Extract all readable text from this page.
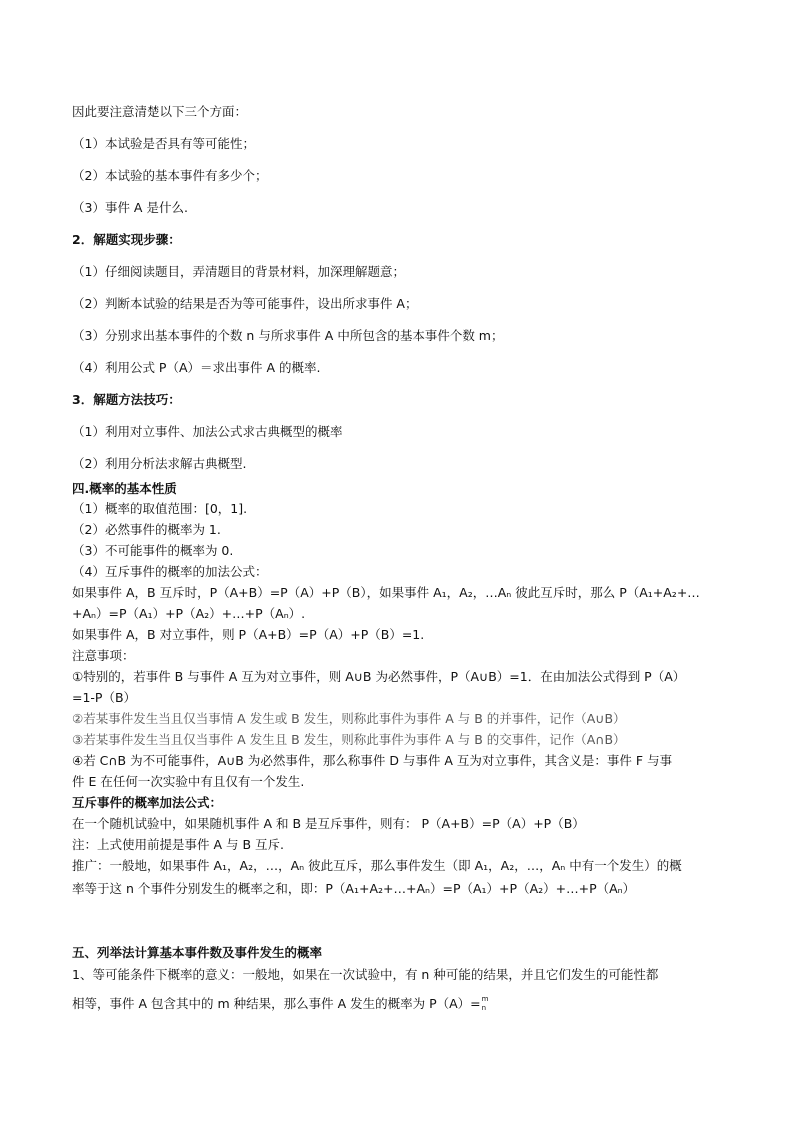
因此要注意清楚以下三个方面：
（1）本试验是否具有等可能性；
（2）本试验的基本事件有多少个；
（3）事件 A 是什么.
2．解题实现步骤：
（1）仔细阅读题目，弄清题目的背景材料，加深理解题意；
（2）判断本试验的结果是否为等可能事件，设出所求事件 A；
（3）分别求出基本事件的个数 n 与所求事件 A 中所包含的基本事件个数 m；
（4）利用公式 P（A）＝求出事件 A 的概率.
3．解题方法技巧：
（1）利用对立事件、加法公式求古典概型的概率
（2）利用分析法求解古典概型.
四.概率的基本性质
（1）概率的取值范围：[0，1].
（2）必然事件的概率为 1.
（3）不可能事件的概率为 0.
（4）互斥事件的概率的加法公式：
如果事件 A，B 互斥时，P（A+B）=P（A）+P（B），如果事件 A₁，A₂，…Aₙ 彼此互斥时，那么 P（A₁+A₂+…
+Aₙ）=P（A₁）+P（A₂）+…+P（Aₙ）.
如果事件 A，B 对立事件，则 P（A+B）=P（A）+P（B）=1.
注意事项：
①特别的，若事件 B 与事件 A 互为对立事件，则 A∪B 为必然事件，P（A∪B）=1．在由加法公式得到 P（A）
=1-P（B）
②若某事件发生当且仅当事情 A 发生或 B 发生，则称此事件为事件 A 与 B 的并事件，记作（A∪B）
③若某事件发生当且仅当事件 A 发生且 B 发生，则称此事件为事件 A 与 B 的交事件，记作（A∩B）
④若 C∩B 为不可能事件，A∪B 为必然事件，那么称事件 D 与事件 A 互为对立事件，其含义是：事件 F 与事
件 E 在任何一次实验中有且仅有一个发生.
互斥事件的概率加法公式：
在一个随机试验中，如果随机事件 A 和 B 是互斥事件，则有： P（A+B）=P（A）+P（B）
注：上式使用前提是事件 A 与 B 互斥.
推广：一般地，如果事件 A₁，A₂，…，Aₙ 彼此互斥，那么事件发生（即 A₁，A₂，…，Aₙ 中有一个发生）的概
率等于这 n 个事件分别发生的概率之和，即：P（A₁+A₂+…+Aₙ）=P（A₁）+P（A₂）+…+P（Aₙ）
五、列举法计算基本事件数及事件发生的概率
1、等可能条件下概率的意义：一般地，如果在一次试验中，有 n 种可能的结果，并且它们发生的可能性都
相等，事件 A 包含其中的 m 种结果，那么事件 A 发生的概率为 P（A）= m
n
